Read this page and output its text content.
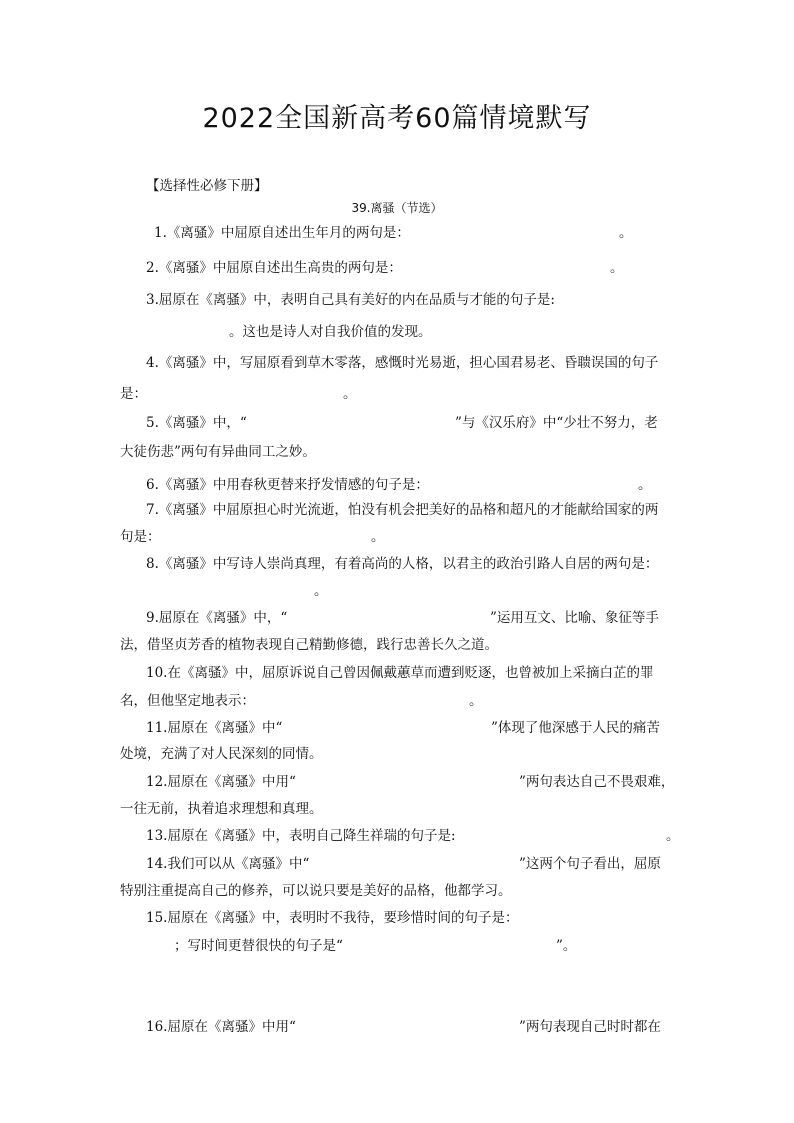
2022全国新高考60篇情境默写
【选择性必修下册】
39.离骚（节选）
1.《离骚》中屈原自述出生年月的两句是：	。
2.《离骚》中屈原自述出生高贵的两句是：	。
3.屈原在《离骚》中，表明自己具有美好的内在品质与才能的句子是:
。这也是诗人对自我价值的发现。
4.《离骚》中，写屈原看到草木零落，感慨时光易逝，担心国君易老、昏聩误国的句子
是：	。
5.《离骚》中，“	”与《汉乐府》中“少壮不努力，老
大徒伤悲”两句有异曲同工之妙。
6.《离骚》中用春秋更替来抒发情感的句子是：	。
7.《离骚》中屈原担心时光流逝，怕没有机会把美好的品格和超凡的才能献给国家的两
句是：	。
8.《离骚》中写诗人崇尚真理，有着高尚的人格，以君主的政治引路人自居的两句是：
。
9.屈原在《离骚》中，“	”运用互文、比喻、象征等手
法，借坚贞芳香的植物表现自己精勤修德，践行忠善长久之道。
10.在《离骚》中，屈原诉说自己曾因佩戴蕙草而遭到贬逐，也曾被加上采摘白芷的罪
名，但他坚定地表示：	。
11.屈原在《离骚》中“	”体现了他深感于人民的痛苦
处境，充满了对人民深刻的同情。
12.屈原在《离骚》中用“	”两句表达自己不畏艰难，
一往无前，执着追求理想和真理。
13.屈原在《离骚》中，表明自己降生祥瑞的句子是:	。
14.我们可以从《离骚》中“	”这两个句子看出，屈原
特别注重提高自己的修养，可以说只要是美好的品格，他都学习。
15.屈原在《离骚》中，表明时不我待，要珍惜时间的句子是：
；写时间更替很快的句子是“	”。
16.屈原在《离骚》中用“	”两句表现自己时时都在
